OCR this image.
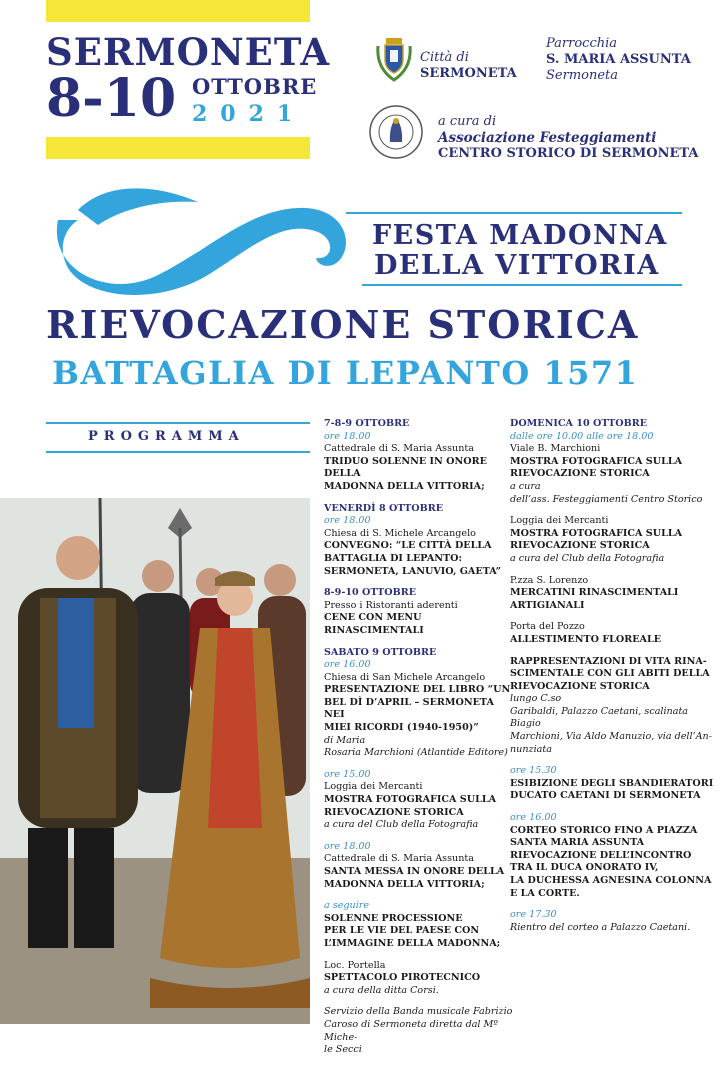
SERMONETA
8-10 OTTOBRE
2021
Città di
SERMONETA
Parrocchia
S. MARIA ASSUNTA
Sermoneta
a cura di
Associazione Festeggiamenti
CENTRO STORICO DI SERMONETA
FESTA MADONNA
DELLA VITTORIA
RIEVOCAZIONE STORICA
BATTAGLIA DI LEPANTO 1571
PROGRAMMA
7-8-9 OTTOBRE
ore 18.00
Cattedrale di S. Maria Assunta
TRIDUO SOLENNE IN ONORE DELLA
MADONNA DELLA VITTORIA;
VENERDÌ 8 OTTOBRE
ore 18.00
Chiesa di S. Michele Arcangelo
CONVEGNO: “LE CITTÀ DELLA
BATTAGLIA DI LEPANTO:
SERMONETA, LANUVIO, GAETA”
8-9-10 OTTOBRE
Presso i Ristoranti aderenti
CENE CON MENU RINASCIMENTALI
SABATO 9 OTTOBRE
ore 16.00
Chiesa di San Michele Arcangelo
PRESENTAZIONE DEL LIBRO “UN
BEL DÌ D’APRIL – SERMONETA NEI
MIEI RICORDI (1940-1950)”
di Maria
Rosaria Marchioni (Atlantide Editore)
ore 15.00
Loggia dei Mercanti
MOSTRA FOTOGRAFICA SULLA
RIEVOCAZIONE STORICA
a cura del Club della Fotografia
ore 18.00
Cattedrale di S. Maria Assunta
SANTA MESSA IN ONORE DELLA
MADONNA DELLA VITTORIA;
a seguire
SOLENNE PROCESSIONE
PER LE VIE DEL PAESE CON
L’IMMAGINE DELLA MADONNA;
Loc. Portella
SPETTACOLO PIROTECNICO
a cura della ditta Corsi.
Servizio della Banda musicale Fabrizio
Caroso di Sermoneta diretta dal Mº Miche-
le Secci
DOMENICA 10 OTTOBRE
dalle ore 10.00 alle ore 18.00
Viale B. Marchioni
MOSTRA FOTOGRAFICA SULLA
RIEVOCAZIONE STORICA
a cura
dell’ass. Festeggiamenti Centro Storico
Loggia dei Mercanti
MOSTRA FOTOGRAFICA SULLA
RIEVOCAZIONE STORICA
a cura del Club della Fotografia
P.zza S. Lorenzo
MERCATINI RINASCIMENTALI
ARTIGIANALI
Porta del Pozzo
ALLESTIMENTO FLOREALE
RAPPRESENTAZIONI DI VITA RINA-
SCIMENTALE CON GLI ABITI DELLA
RIEVOCAZIONE STORICA
lungo C.so
Garibaldi, Palazzo Caetani, scalinata Biagio
Marchioni, Via Aldo Manuzio, via dell’An-
nunziata
ore 15.30
ESIBIZIONE DEGLI SBANDIERATORI
DUCATO CAETANI DI SERMONETA
ore 16.00
CORTEO STORICO FINO A PIAZZA
SANTA MARIA ASSUNTA
RIEVOCAZIONE DELL’INCONTRO
TRA IL DUCA ONORATO IV,
LA DUCHESSA AGNESINA COLONNA
E LA CORTE.
ore 17.30
Rientro del corteo a Palazzo Caetani.
